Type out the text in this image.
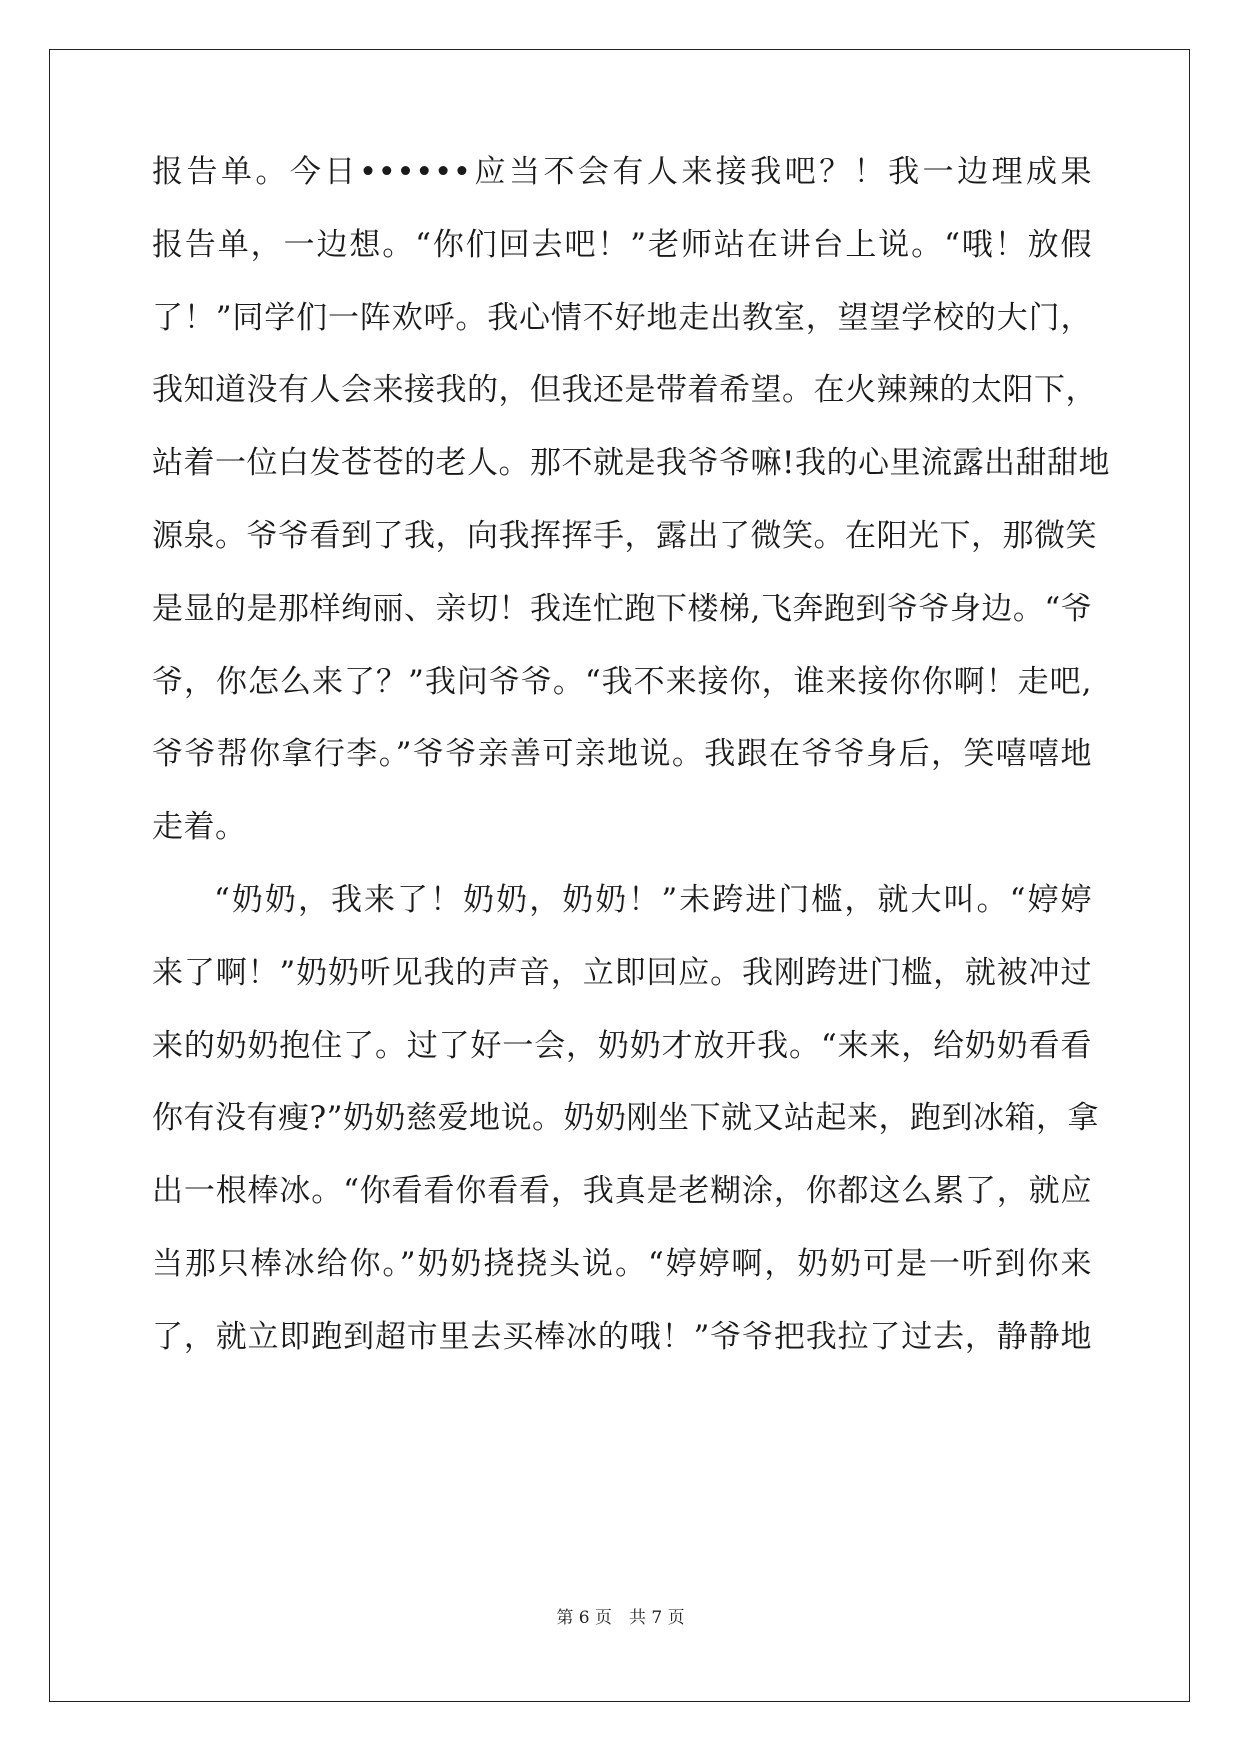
报告单。今日••••••应当不会有人来接我吧？！我一边理成果
报告单，一边想。“你们回去吧！”老师站在讲台上说。“哦！放假
了！”同学们一阵欢呼。我心情不好地走出教室，望望学校的大门，
我知道没有人会来接我的，但我还是带着希望。在火辣辣的太阳下，
站着一位白发苍苍的老人。那不就是我爷爷嘛!我的心里流露出甜甜地
源泉。爷爷看到了我，向我挥挥手，露出了微笑。在阳光下，那微笑
是显的是那样绚丽、亲切！我连忙跑下楼梯,飞奔跑到爷爷身边。“爷
爷，你怎么来了？”我问爷爷。“我不来接你，谁来接你你啊！走吧,
爷爷帮你拿行李。”爷爷亲善可亲地说。我跟在爷爷身后，笑嘻嘻地
走着。
“奶奶，我来了！奶奶，奶奶！”未跨进门槛，就大叫。“婷婷
来了啊！”奶奶听见我的声音，立即回应。我刚跨进门槛，就被冲过
来的奶奶抱住了。过了好一会，奶奶才放开我。“来来，给奶奶看看
你有没有瘦?”奶奶慈爱地说。奶奶刚坐下就又站起来，跑到冰箱，拿
出一根棒冰。“你看看你看看，我真是老糊涂，你都这么累了，就应
当那只棒冰给你。”奶奶挠挠头说。“婷婷啊，奶奶可是一听到你来
了，就立即跑到超市里去买棒冰的哦！”爷爷把我拉了过去，静静地
第 6 页　共 7 页
